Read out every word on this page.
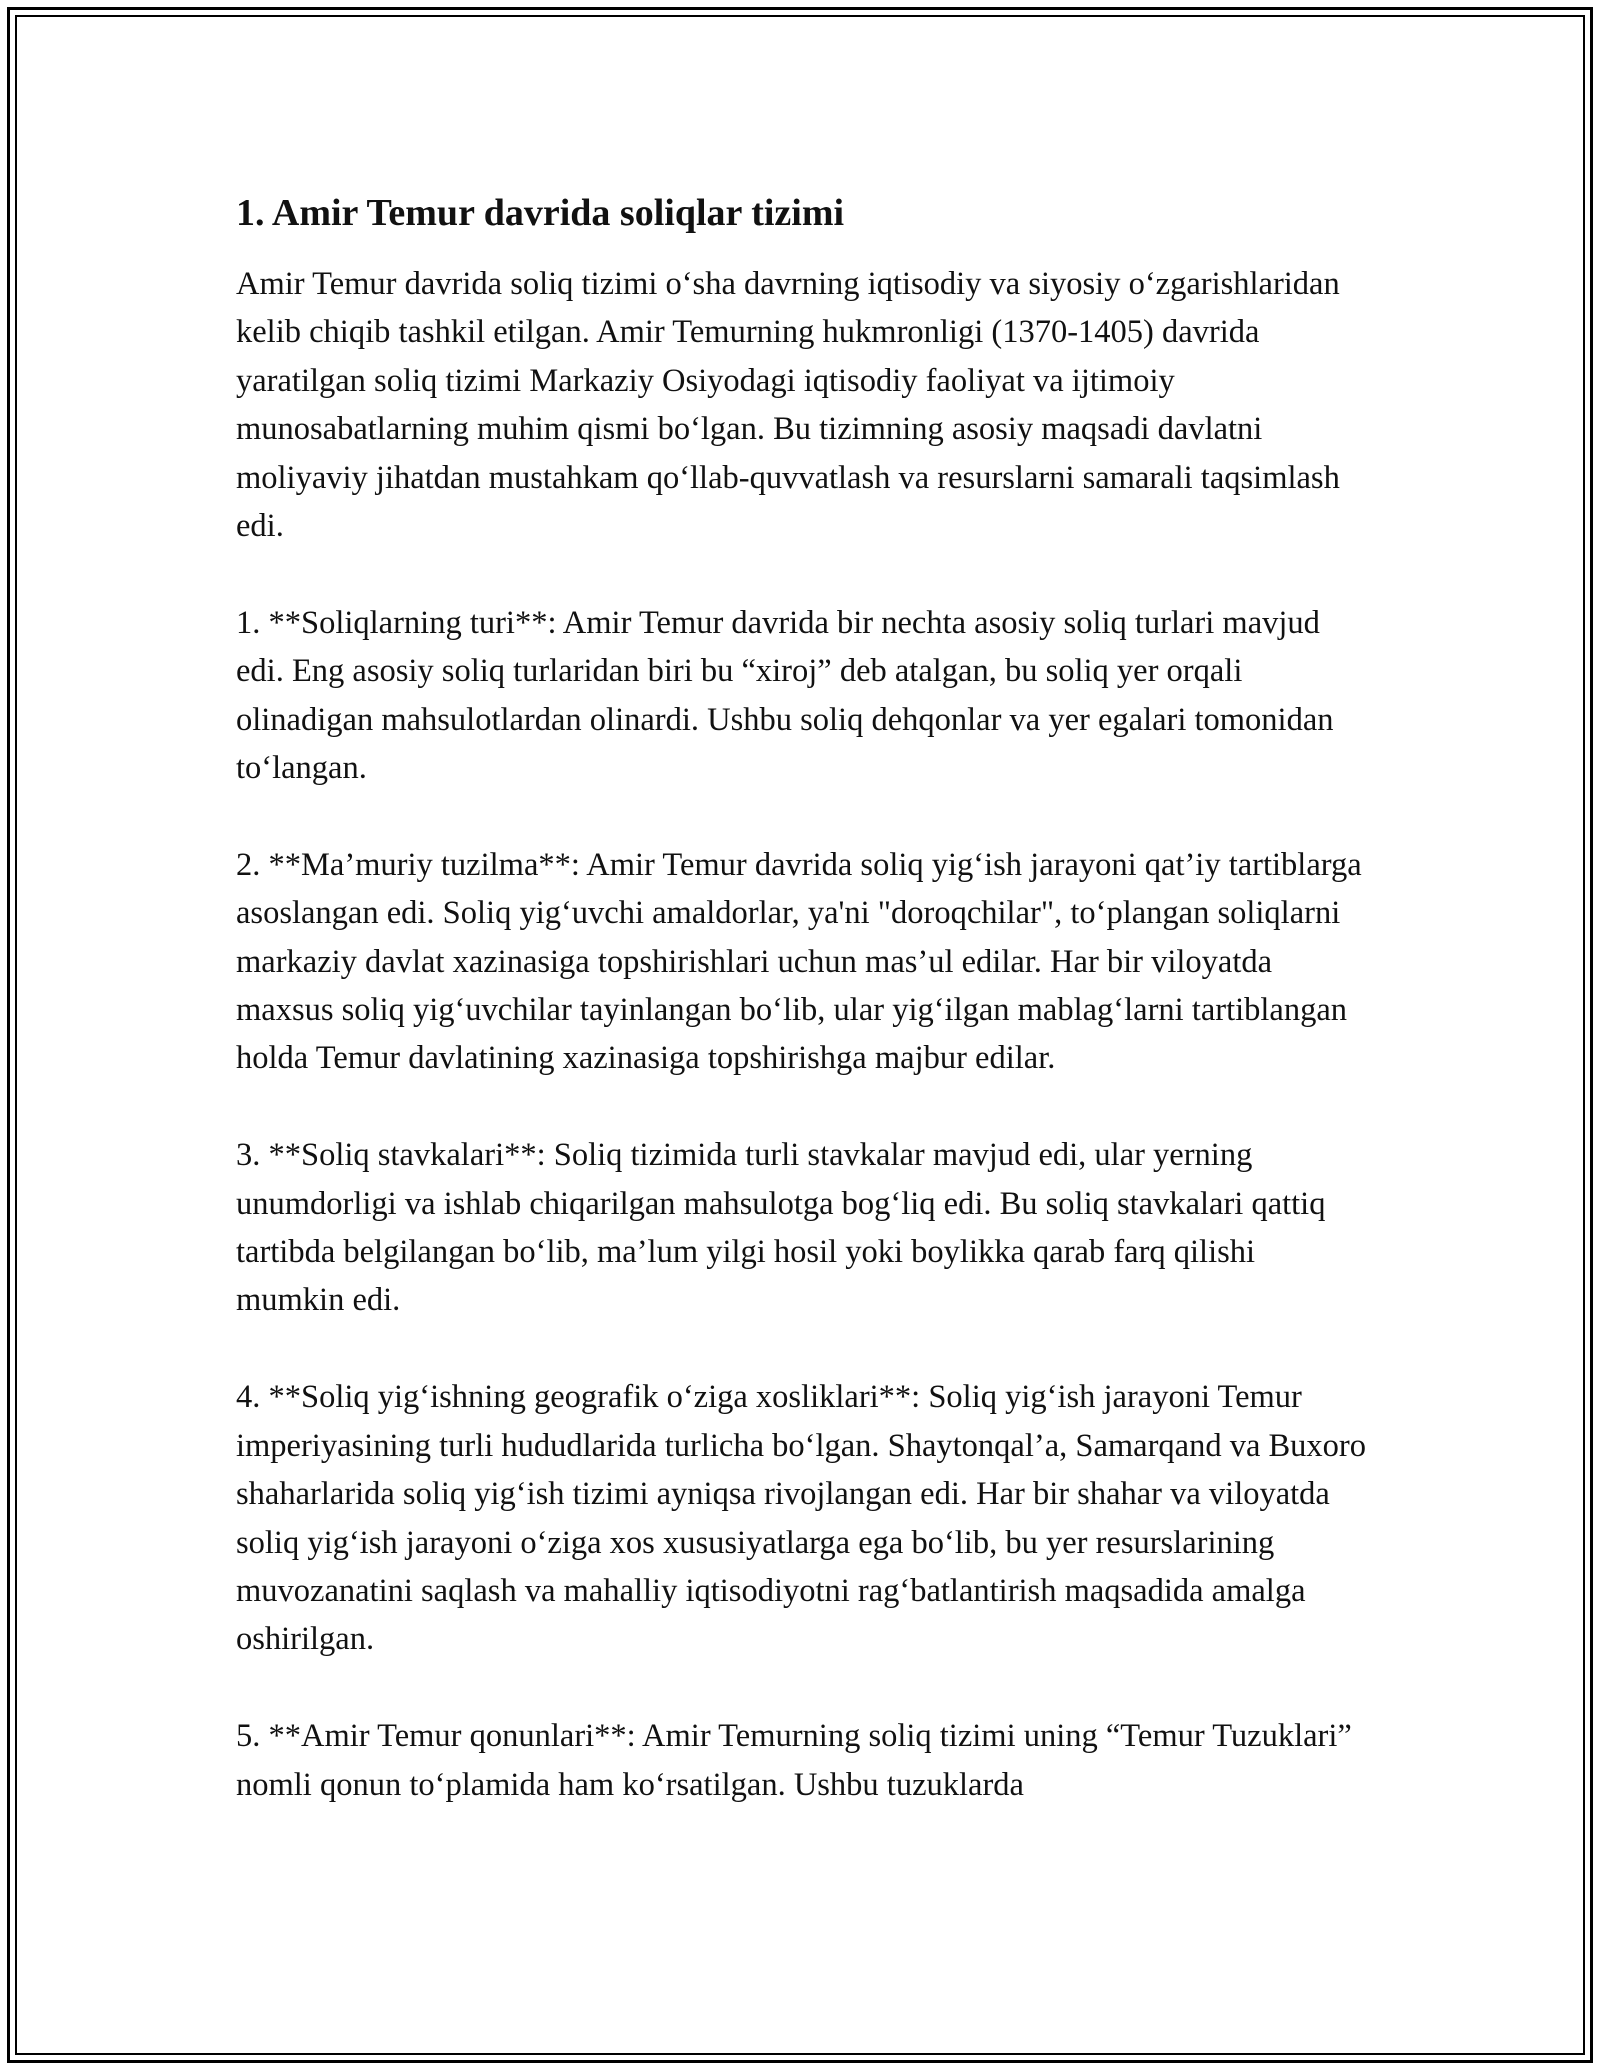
1. Amir Temur davrida soliqlar tizimi

Amir Temur davrida soliq tizimi o‘sha davrning iqtisodiy va siyosiy o‘zgarishlaridan kelib chiqib tashkil etilgan. Amir Temurning hukmronligi (1370-1405) davrida yaratilgan soliq tizimi Markaziy Osiyodagi iqtisodiy faoliyat va ijtimoiy munosabatlarning muhim qismi bo‘lgan. Bu tizimning asosiy maqsadi davlatni moliyaviy jihatdan mustahkam qo‘llab-quvvatlash va resurslarni samarali taqsimlash edi.

1. **Soliqlarning turi**: Amir Temur davrida bir nechta asosiy soliq turlari mavjud edi. Eng asosiy soliq turlaridan biri bu “xiroj” deb atalgan, bu soliq yer orqali olinadigan mahsulotlardan olinardi. Ushbu soliq dehqonlar va yer egalari tomonidan to‘langan.

2. **Ma’muriy tuzilma**: Amir Temur davrida soliq yig‘ish jarayoni qat’iy tartiblarga asoslangan edi. Soliq yig‘uvchi amaldorlar, ya'ni "doroqchilar", to‘plangan soliqlarni markaziy davlat xazinasiga topshirishlari uchun mas’ul edilar. Har bir viloyatda maxsus soliq yig‘uvchilar tayinlangan bo‘lib, ular yig‘ilgan mablag‘larni tartiblangan holda Temur davlatining xazinasiga topshirishga majbur edilar.

3. **Soliq stavkalari**: Soliq tizimida turli stavkalar mavjud edi, ular yerning unumdorligi va ishlab chiqarilgan mahsulotga bog‘liq edi. Bu soliq stavkalari qattiq tartibda belgilangan bo‘lib, ma’lum yilgi hosil yoki boylikka qarab farq qilishi mumkin edi.

4. **Soliq yig‘ishning geografik o‘ziga xosliklari**: Soliq yig‘ish jarayoni Temur imperiyasining turli hududlarida turlicha bo‘lgan. Shaytonqal’a, Samarqand va Buxoro shaharlarida soliq yig‘ish tizimi ayniqsa rivojlangan edi. Har bir shahar va viloyatda soliq yig‘ish jarayoni o‘ziga xos xususiyatlarga ega bo‘lib, bu yer resurslarining muvozanatini saqlash va mahalliy iqtisodiyotni rag‘batlantirish maqsadida amalga oshirilgan.

5. **Amir Temur qonunlari**: Amir Temurning soliq tizimi uning “Temur Tuzuklari” nomli qonun to‘plamida ham ko‘rsatilgan. Ushbu tuzuklarda
